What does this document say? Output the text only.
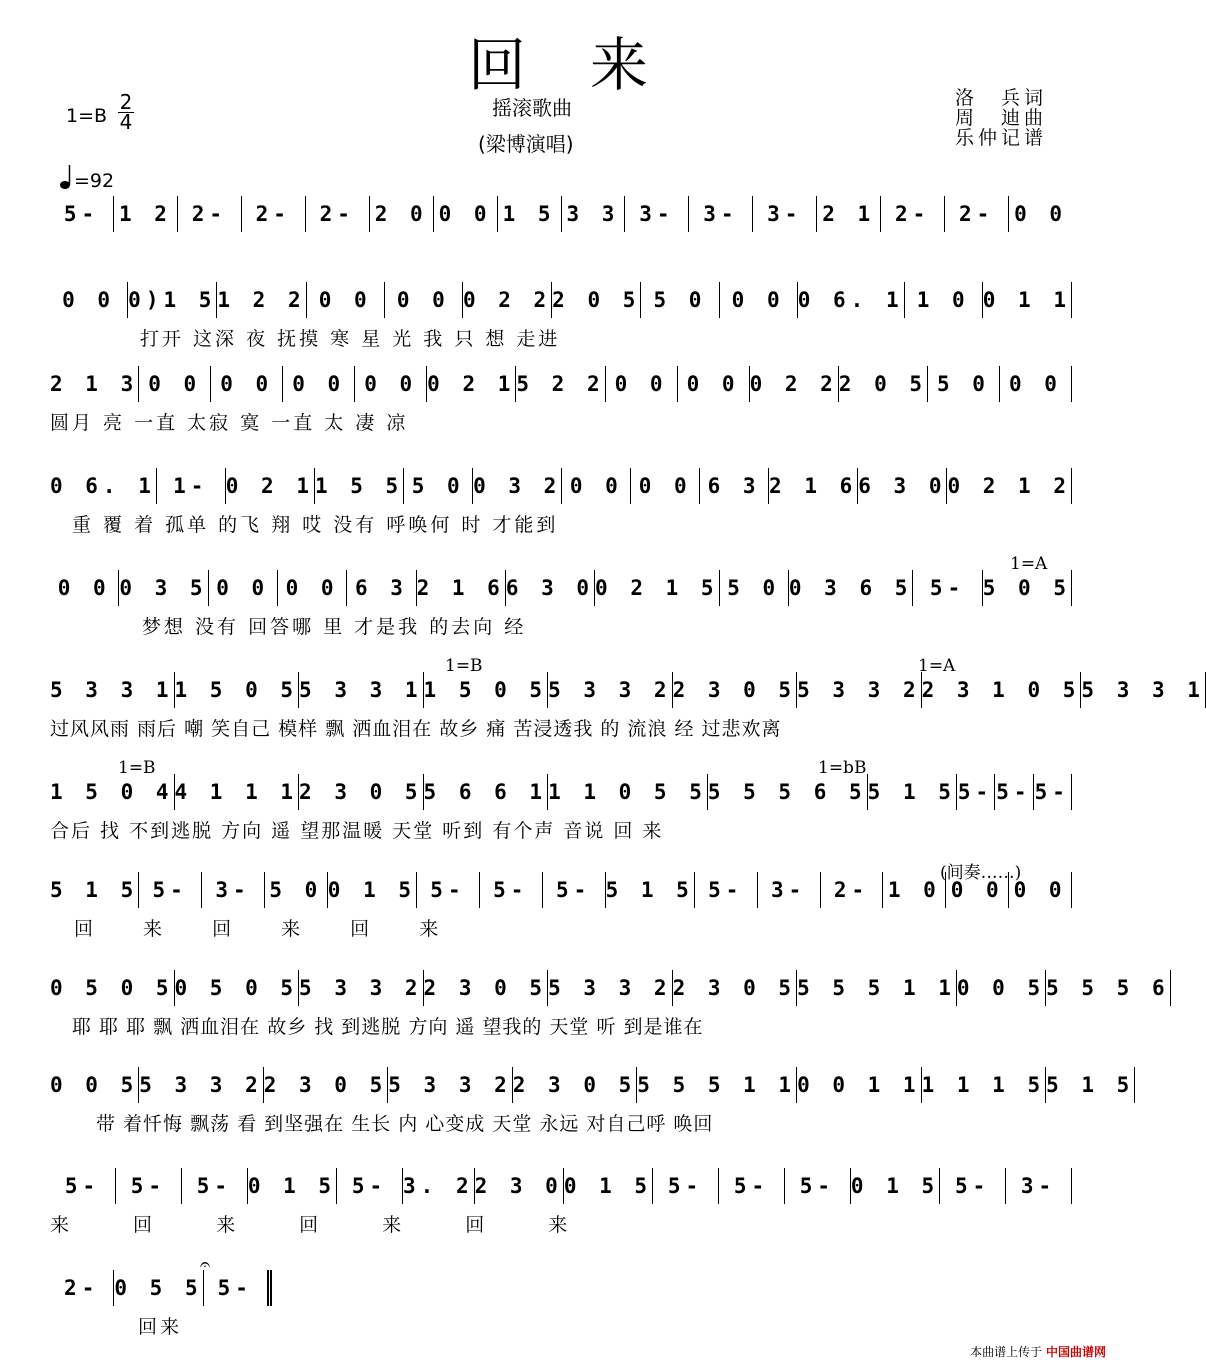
回来
摇滚歌曲
(梁博演唱)
洛　兵词
周　迪曲
乐仲记谱
1=B
2
4
=92
5- 1 2 2-	2-	2- 2 0 0 0 1 5 3 3 3-	3-	3- 2 1 2-	2- 0 0
0 0 0)1 5 1 2 2 0 0	0 0 0 2 2 2 0 5 5 0	0 0 0 6. 1 1 0 0 1 1
打开 这深 夜 抚摸 寒 星 光 我 只 想 走进
2 1 3 0 0 0 0 0 0 0 0 0 2 1 5 2 2 0 0 0 0 0 2 2 2 0 5 5 0 0 0
圆月 亮 一直 太寂 寞 一直 太 凄 凉
0 6. 1 1- 0 2 1 1 5 5 5 0 0 3 2 0 0 0 0 6 3 2 1 6 6 3 0 0 2 1 2
重 覆 着 孤单 的飞 翔 哎 没有 呼唤何 时 才能到
1=A
0 0 0 3 5 0 0 0 0 6 3 2 1 6 6 3 0 0 2 1 5 5 0 0 3 6 5 5- 5 0 5
梦想 没有 回答哪 里 才是我 的去向 经
1=B	1=A
5 3 3 1 1 5 0 5 5 3 3 1 1 5 0 5 5 3 3 2 2 3 0 5 5 3 3 2 2 3 1 0 5 5 3 3 1
过风风雨 雨后 嘲 笑自己 模样 飘 洒血泪在 故乡 痛 苦浸透我 的 流浪 经 过悲欢离
1=B	1=bB
1 5 0 4 4 1 1 1 2 3 0 5 5 6 6 1 1 1 0 5 5 5 5 5 6 5 5 1 5 5- 5- 5-
合后 找 不到逃脱 方向 遥 望那温暖 天堂 听到 有个声 音说 回 来
(间奏……)
5 1 5 5-	3- 5 0 0 1 5 5-	5-	5- 5 1 5 5-	3-	2- 1 0 0 0 0 0
回 来 回 来 回 来
0 5 0 5 0 5 0 5 5 3 3 2 2 3 0 5 5 3 3 2 2 3 0 5 5 5 5 1 1 0 0 5 5 5 5 6
耶 耶 耶 飘 洒血泪在 故乡 找 到逃脱 方向 遥 望我的 天堂 听 到是谁在
0 0 5 5 3 3 2 2 3 0 5 5 3 3 2 2 3 0 5 5 5 5 1 1 0 0 1 1 1 1 1 5 5 1 5
带 着忏悔 飘荡 看 到坚强在 生长 内 心变成 天堂 永远 对自己呼 唤回
5-	5-	5- 0 1 5 5- 3. 2 2 3 0 0 1 5 5-	5-	5- 0 1 5 5-	3-
来 回 来 回 来 回 来
𝄐
2- 0 5 5 5-
回来
本曲谱上传于 中国曲谱网
